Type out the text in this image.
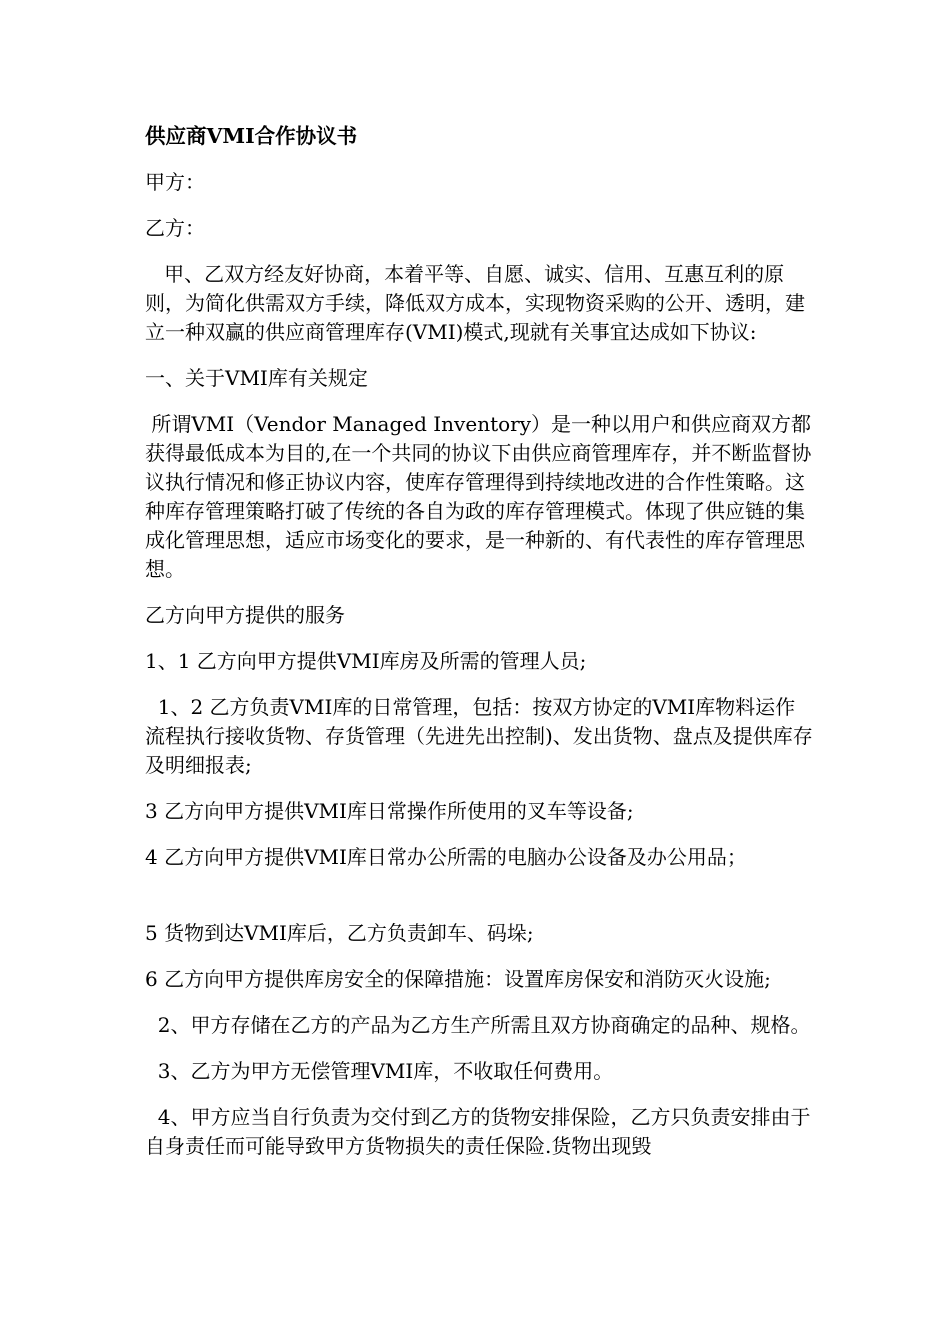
供应商VMI合作协议书

甲方：

乙方：

甲、乙双方经友好协商，本着平等、自愿、诚实、信用、互惠互利的原则，为简化供需双方手续，降低双方成本，实现物资采购的公开、透明，建立一种双赢的供应商管理库存(VMI)模式,现就有关事宜达成如下协议:

一、关于VMI库有关规定

所谓VMI（Vendor Managed Inventory）是一种以用户和供应商双方都获得最低成本为目的,在一个共同的协议下由供应商管理库存，并不断监督协议执行情况和修正协议内容，使库存管理得到持续地改进的合作性策略。这种库存管理策略打破了传统的各自为政的库存管理模式。体现了供应链的集成化管理思想，适应市场变化的要求，是一种新的、有代表性的库存管理思想。

乙方向甲方提供的服务

1、1 乙方向甲方提供VMI库房及所需的管理人员;

1、2 乙方负责VMI库的日常管理，包括：按双方协定的VMI库物料运作流程执行接收货物、存货管理（先进先出控制)、发出货物、盘点及提供库存及明细报表;

3 乙方向甲方提供VMI库日常操作所使用的叉车等设备;

4 乙方向甲方提供VMI库日常办公所需的电脑办公设备及办公用品；

5 货物到达VMI库后，乙方负责卸车、码垛;

6 乙方向甲方提供库房安全的保障措施：设置库房保安和消防灭火设施;

2、甲方存储在乙方的产品为乙方生产所需且双方协商确定的品种、规格。

3、乙方为甲方无偿管理VMI库，不收取任何费用。

4、甲方应当自行负责为交付到乙方的货物安排保险，乙方只负责安排由于自身责任而可能导致甲方货物损失的责任保险.货物出现毁
